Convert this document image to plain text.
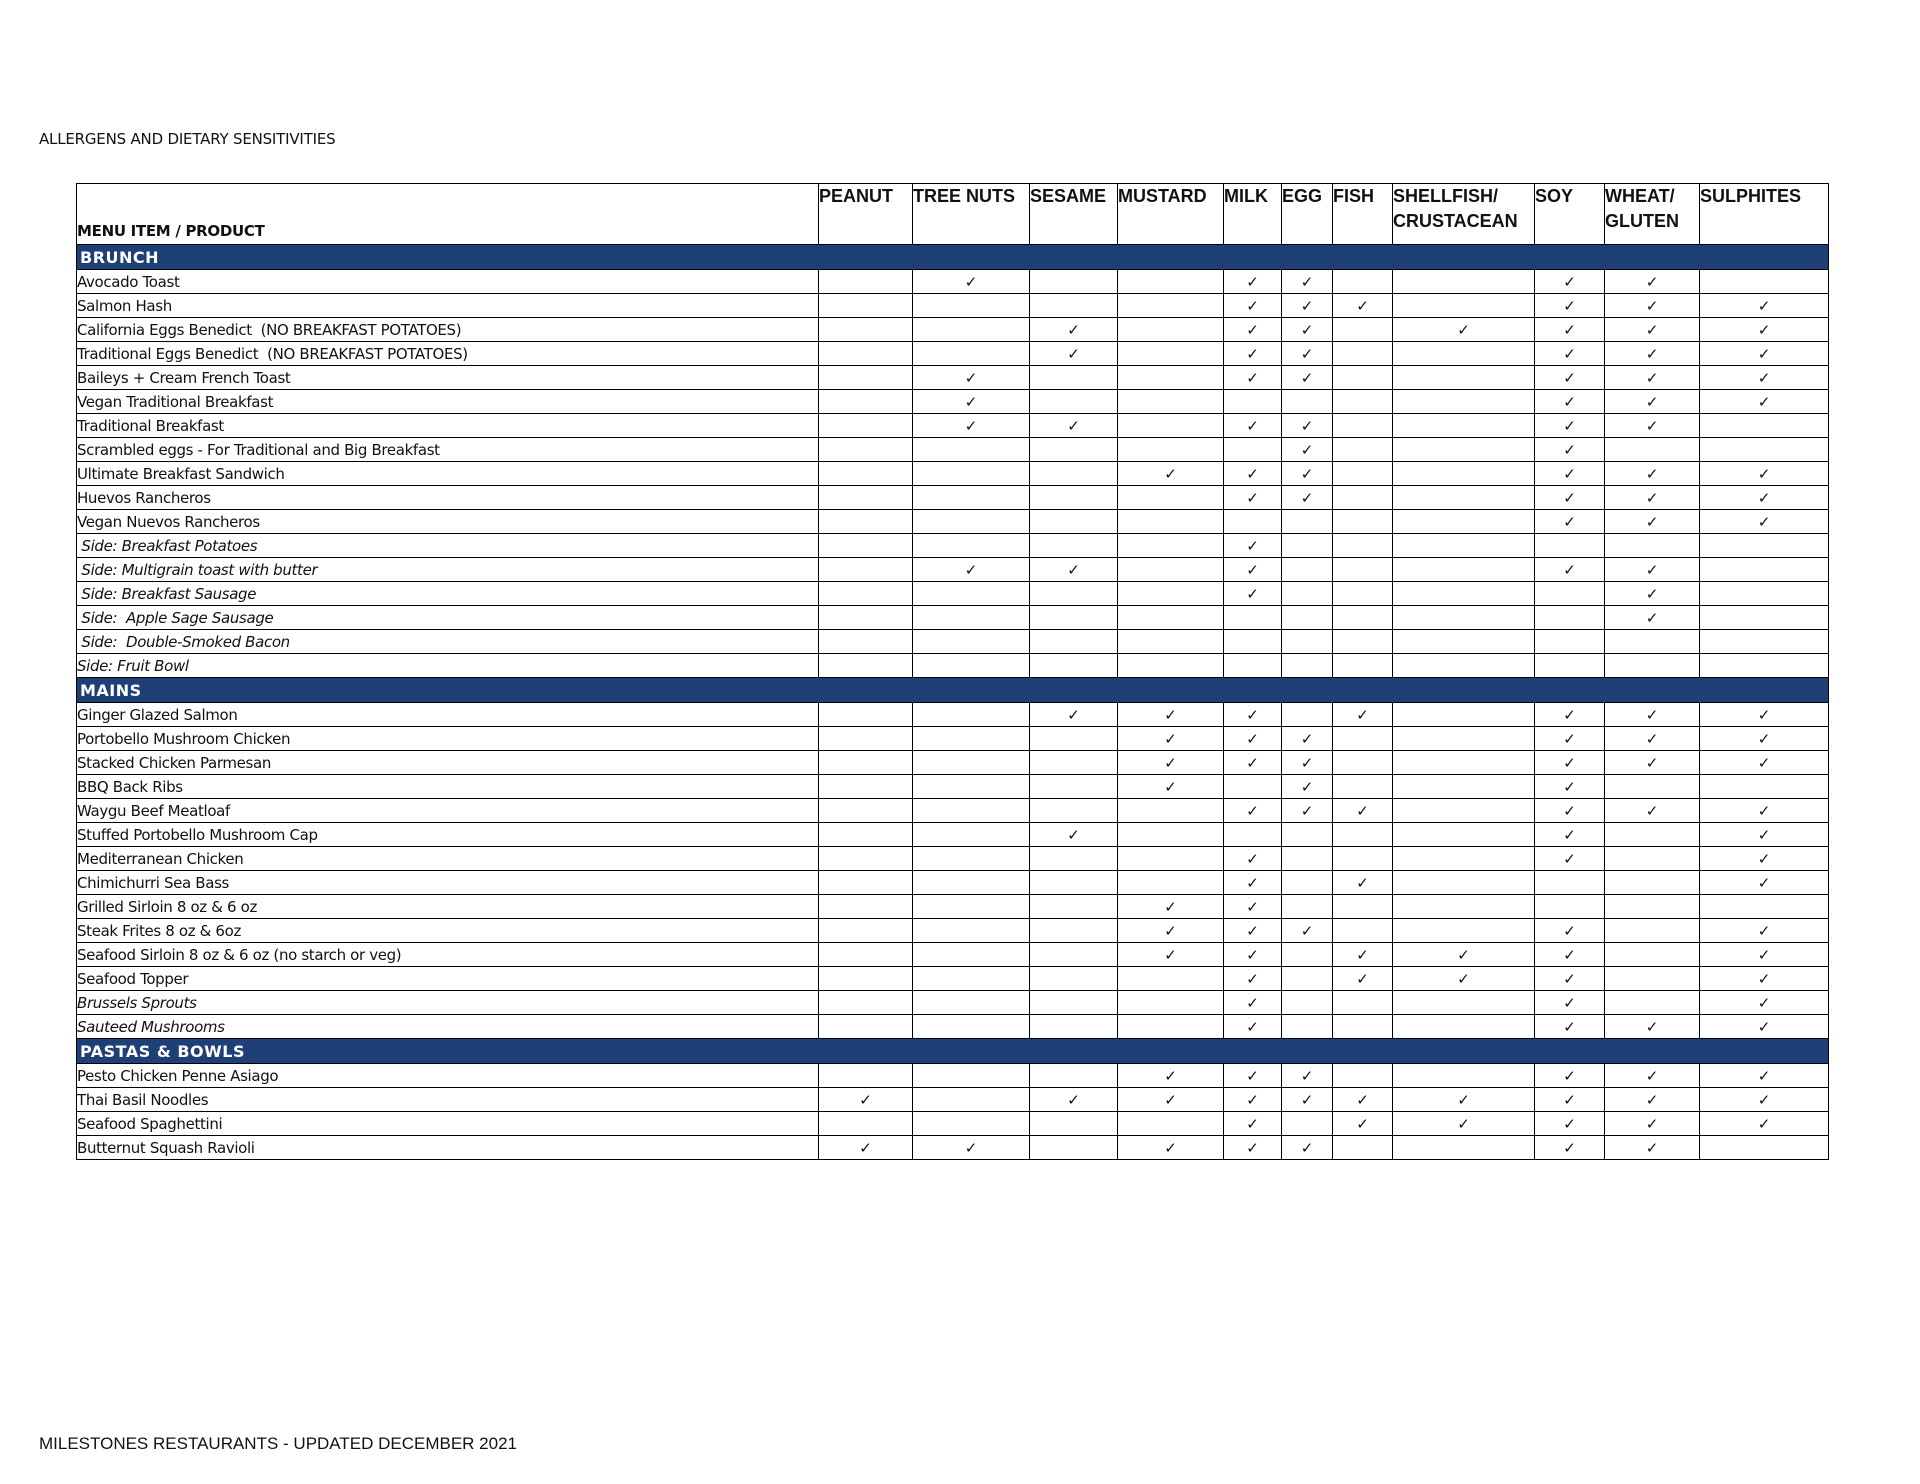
ALLERGENS AND DIETARY SENSITIVITIES
MENU ITEM / PRODUCT	PEANUT	TREE NUTS	SESAME	MUSTARD	MILK	EGG	FISH	SHELLFISH/ CRUSTACEAN	SOY	WHEAT/ GLUTEN	SULPHITES
BRUNCH											
Avocado Toast		✓			✓	✓			✓	✓	
Salmon Hash					✓	✓	✓		✓	✓	✓
California Eggs Benedict  (NO BREAKFAST POTATOES)			✓		✓	✓		✓	✓	✓	✓
Traditional Eggs Benedict  (NO BREAKFAST POTATOES)			✓		✓	✓			✓	✓	✓
Baileys + Cream French Toast		✓			✓	✓			✓	✓	✓
Vegan Traditional Breakfast		✓							✓	✓	✓
Traditional Breakfast		✓	✓		✓	✓			✓	✓	
Scrambled eggs - For Traditional and Big Breakfast						✓			✓		
Ultimate Breakfast Sandwich				✓	✓	✓			✓	✓	✓
Huevos Rancheros					✓	✓			✓	✓	✓
Vegan Nuevos Rancheros									✓	✓	✓
Side: Breakfast Potatoes					✓						
Side: Multigrain toast with butter		✓	✓		✓				✓	✓	
Side: Breakfast Sausage					✓					✓	
Side:  Apple Sage Sausage										✓	
Side:  Double-Smoked Bacon											
Side: Fruit Bowl											
MAINS											
Ginger Glazed Salmon			✓	✓	✓		✓		✓	✓	✓
Portobello Mushroom Chicken				✓	✓	✓			✓	✓	✓
Stacked Chicken Parmesan				✓	✓	✓			✓	✓	✓
BBQ Back Ribs				✓		✓			✓		
Waygu Beef Meatloaf					✓	✓	✓		✓	✓	✓
Stuffed Portobello Mushroom Cap			✓						✓		✓
Mediterranean Chicken					✓				✓		✓
Chimichurri Sea Bass					✓		✓				✓
Grilled Sirloin 8 oz & 6 oz				✓	✓						
Steak Frites 8 oz & 6oz				✓	✓	✓			✓		✓
Seafood Sirloin 8 oz & 6 oz (no starch or veg)				✓	✓		✓	✓	✓		✓
Seafood Topper					✓		✓	✓	✓		✓
Brussels Sprouts					✓				✓		✓
Sauteed Mushrooms					✓				✓	✓	✓
PASTAS & BOWLS											
Pesto Chicken Penne Asiago				✓	✓	✓			✓	✓	✓
Thai Basil Noodles	✓		✓	✓	✓	✓	✓	✓	✓	✓	✓
Seafood Spaghettini					✓		✓	✓	✓	✓	✓
Butternut Squash Ravioli	✓	✓		✓	✓	✓			✓	✓	
MILESTONES RESTAURANTS - UPDATED DECEMBER 2021
